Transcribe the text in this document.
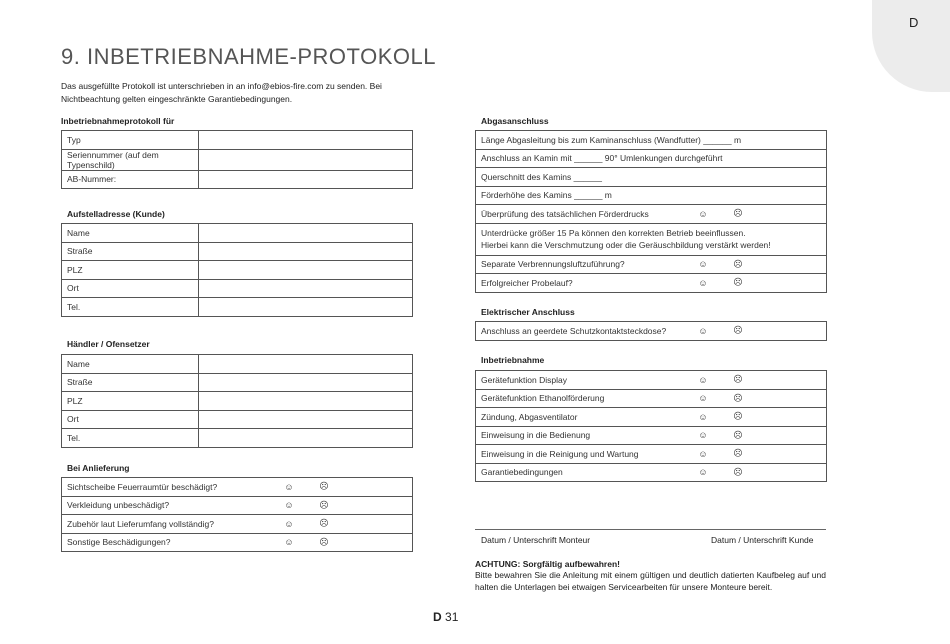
D
9. INBETRIEBNAHME-PROTOKOLL
Das ausgefüllte Protokoll ist unterschrieben in an info@ebios-fire.com zu senden. Bei Nichtbeachtung gelten eingeschränkte Garantiebedingungen.
Inbetriebnahmeprotokoll für
Typ	
Seriennummer (auf dem Typenschild)	
AB-Nummer:	
Aufstelladresse (Kunde)
Name	
Straße	
PLZ	
Ort	
Tel.	
Händler / Ofensetzer
Name	
Straße	
PLZ	
Ort	
Tel.	
Bei Anlieferung
Sichtscheibe Feuerraumtür beschädigt?	☺	☹	
Verkleidung unbeschädigt?	☺	☹	
Zubehör laut Lieferumfang vollständig?	☺	☹	
Sonstige Beschädigungen?	☺	☹	
Abgasanschluss
Länge Abgasleitung bis zum Kaminanschluss (Wandfutter) ______ m			
Anschluss an Kamin mit ______ 90° Umlenkungen durchgeführt			
Querschnitt des Kamins ______			
Förderhöhe des Kamins ______ m			
Überprüfung des tatsächlichen Förderdrucks	☺	☹	

Unterdrücke größer 15 Pa können den korrekten Betrieb beeinflussen.
Hierbei kann die Verschmutzung oder die Geräuschbildung verstärkt werden!			

Separate Verbrennungsluftzuführung?	☺	☹	
Erfolgreicher Probelauf?	☺	☹	
Elektrischer Anschluss
Anschluss an geerdete Schutzkontaktsteckdose?	☺	☹	
Inbetriebnahme
Gerätefunktion Display	☺	☹	
Gerätefunktion Ethanolförderung	☺	☹	
Zündung, Abgasventilator	☺	☹	
Einweisung in die Bedienung	☺	☹	
Einweisung in die Reinigung und Wartung	☺	☹	
Garantiebedingungen	☺	☹	
Datum / Unterschrift Monteur	Datum / Unterschrift Kunde
ACHTUNG: Sorgfältig aufbewahren!
Bitte bewahren Sie die Anleitung mit einem gültigen und deutlich datierten Kaufbeleg auf und halten die Unterlagen bei etwaigen Servicearbeiten für unsere Monteure bereit.
D 31
